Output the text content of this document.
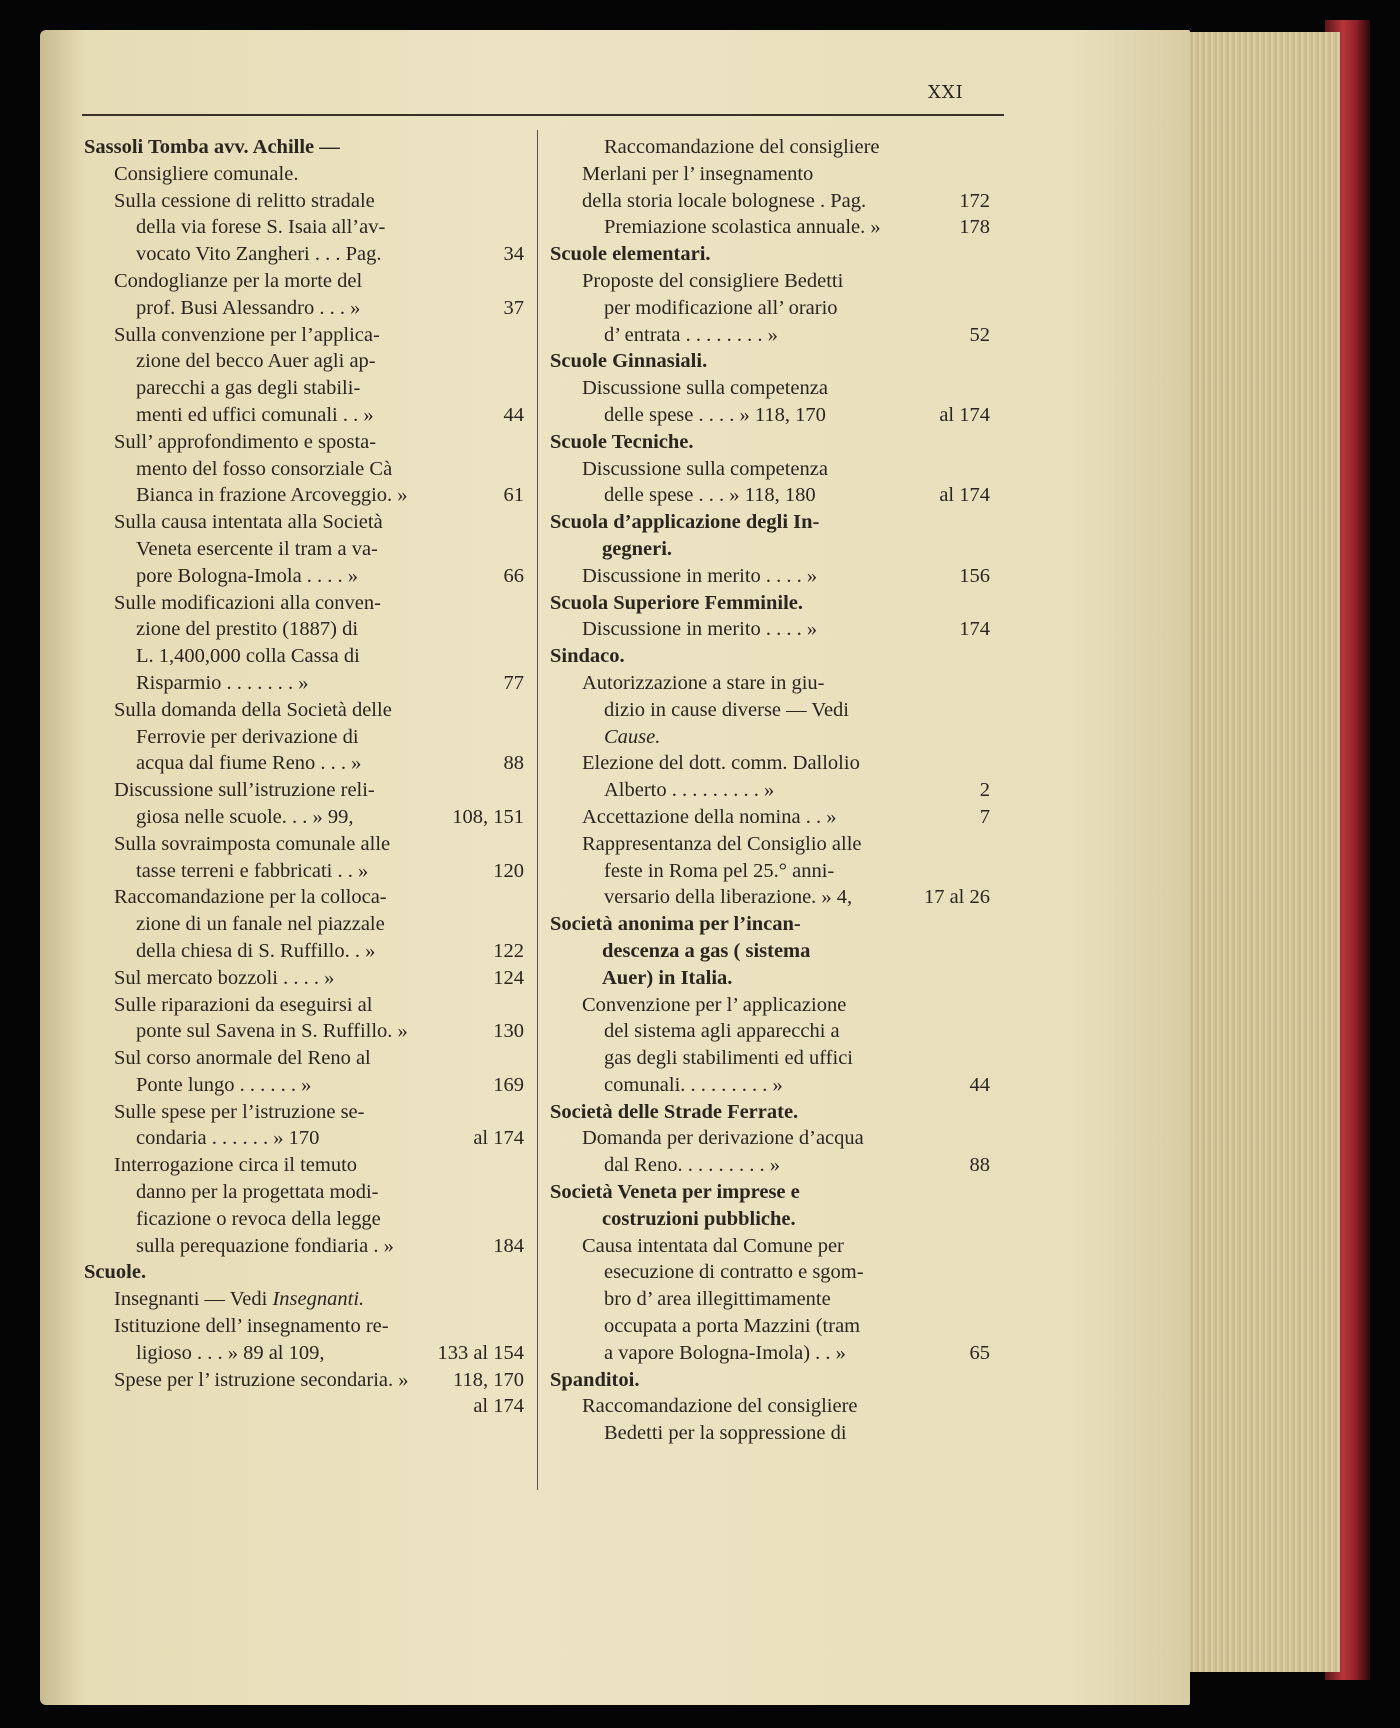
XXI
Sassoli Tomba avv. Achille —
Consigliere comunale.
Sulla cessione di relitto stradale
della via forese S. Isaia all’av-
vocato Vito Zangheri . . . Pag.	34
Condoglianze per la morte del
prof. Busi Alessandro . . . »	37
Sulla convenzione per l’applica-
zione del becco Auer agli ap-
parecchi a gas degli stabili-
menti ed uffici comunali . . »	44
Sull’ approfondimento e sposta-
mento del fosso consorziale Cà
Bianca in frazione Arcoveggio. »	61
Sulla causa intentata alla Società
Veneta esercente il tram a va-
pore Bologna-Imola . . . . »	66
Sulle modificazioni alla conven-
zione del prestito (1887) di
L. 1,400,000 colla Cassa di
Risparmio . . . . . . . »	77
Sulla domanda della Società delle
Ferrovie per derivazione di
acqua dal fiume Reno . . . »	88
Discussione sull’istruzione reli-
giosa nelle scuole. . . » 99,	108, 151
Sulla sovraimposta comunale alle
tasse terreni e fabbricati . . »	120
Raccomandazione per la colloca-
zione di un fanale nel piazzale
della chiesa di S. Ruffillo. . »	122
Sul mercato bozzoli . . . . »	124
Sulle riparazioni da eseguirsi al
ponte sul Savena in S. Ruffillo. »	130
Sul corso anormale del Reno al
Ponte lungo . . . . . . »	169
Sulle spese per l’istruzione se-
condaria . . . . . . » 170	al 174
Interrogazione circa il temuto
danno per la progettata modi-
ficazione o revoca della legge
sulla perequazione fondiaria . »	184
Scuole.
Insegnanti — Vedi Insegnanti.
Istituzione dell’ insegnamento re-
ligioso . . . » 89 al 109,	133 al 154
Spese per l’ istruzione secondaria. » 118, 170
al 174
Raccomandazione del consigliere
Merlani per l’ insegnamento
della storia locale bolognese . Pag.	172
Premiazione scolastica annuale. »	178
Scuole elementari.
Proposte del consigliere Bedetti
per modificazione all’ orario
d’ entrata . . . . . . . . »	52
Scuole Ginnasiali.
Discussione sulla competenza
delle spese . . . . » 118, 170	al 174
Scuole Tecniche.
Discussione sulla competenza
delle spese . . . » 118, 180	al 174
Scuola d’applicazione degli In-
gegneri.
Discussione in merito . . . . »	156
Scuola Superiore Femminile.
Discussione in merito . . . . »	174
Sindaco.
Autorizzazione a stare in giu-
dizio in cause diverse — Vedi
Cause.
Elezione del dott. comm. Dallolio
Alberto . . . . . . . . . »	2
Accettazione della nomina . . »	7
Rappresentanza del Consiglio alle
feste in Roma pel 25.° anni-
versario della liberazione. » 4,	17 al 26
Società anonima per l’incan-
descenza a gas ( sistema
Auer) in Italia.
Convenzione per l’ applicazione
del sistema agli apparecchi a
gas degli stabilimenti ed uffici
comunali. . . . . . . . . »	44
Società delle Strade Ferrate.
Domanda per derivazione d’acqua
dal Reno. . . . . . . . . »	88
Società Veneta per imprese e
costruzioni pubbliche.
Causa intentata dal Comune per
esecuzione di contratto e sgom-
bro d’ area illegittimamente
occupata a porta Mazzini (tram
a vapore Bologna-Imola) . . »	65
Spanditoi.
Raccomandazione del consigliere
Bedetti per la soppressione di
